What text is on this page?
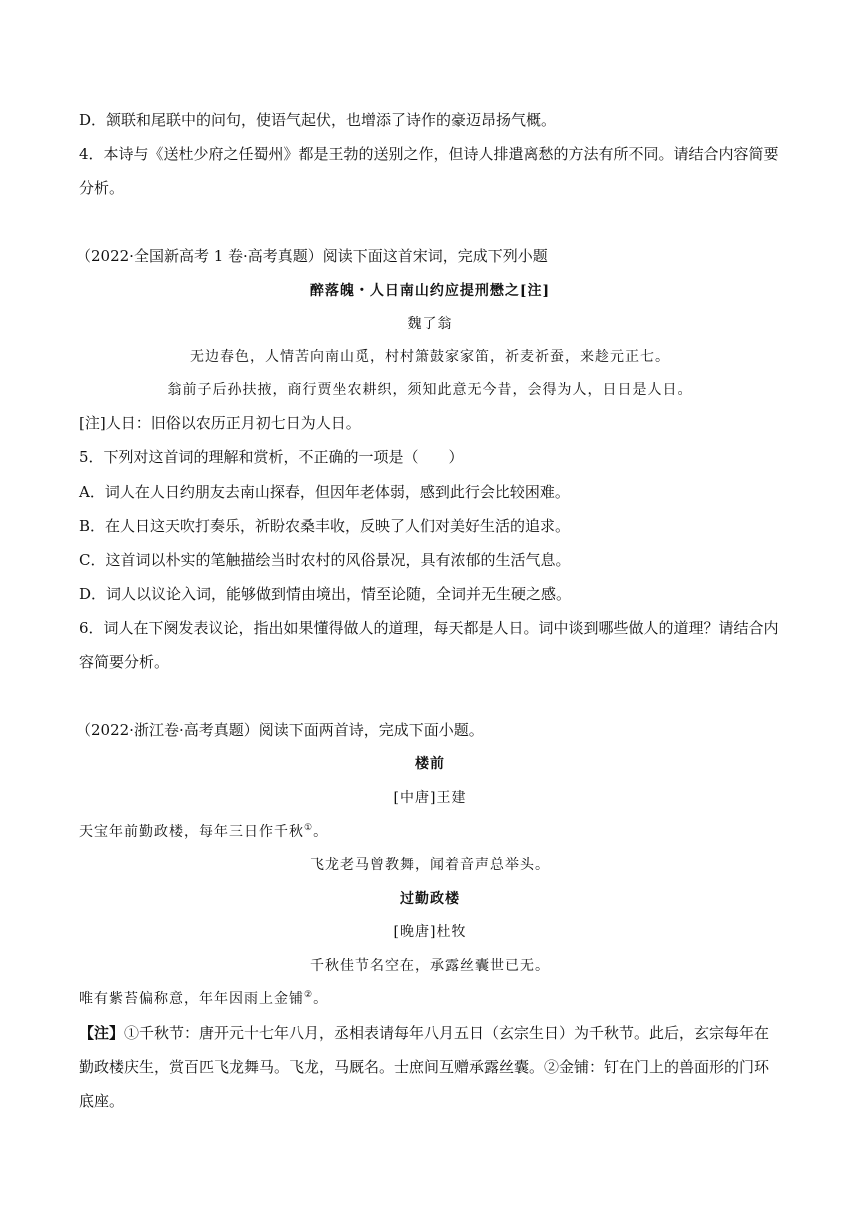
D．颔联和尾联中的问句，使语气起伏，也增添了诗作的豪迈昂扬气概。
4．本诗与《送杜少府之任蜀州》都是王勃的送别之作，但诗人排遣离愁的方法有所不同。请结合内容简要
分析。
（2022·全国新高考 1 卷·高考真题）阅读下面这首宋词，完成下列小题
醉落魄・人日南山约应提刑懋之[注]
魏了翁
无边春色，人情苦向南山觅，村村箫鼓家家笛，祈麦祈蚕，来趁元正七。
翁前子后孙扶掖，商行贾坐农耕织，须知此意无今昔，会得为人，日日是人日。
[注]人日：旧俗以农历正月初七日为人日。
5．下列对这首词的理解和赏析，不正确的一项是（　　）
A．词人在人日约朋友去南山探春，但因年老体弱，感到此行会比较困难。
B．在人日这天吹打奏乐，祈盼农桑丰收，反映了人们对美好生活的追求。
C．这首词以朴实的笔触描绘当时农村的风俗景况，具有浓郁的生活气息。
D．词人以议论入词，能够做到情由境出，情至论随，全词并无生硬之感。
6．词人在下阕发表议论，指出如果懂得做人的道理，每天都是人日。词中谈到哪些做人的道理？请结合内
容简要分析。
（2022·浙江卷·高考真题）阅读下面两首诗，完成下面小题。
楼前
[中唐]王建
天宝年前勤政楼，每年三日作千秋①。
飞龙老马曾教舞，闻着音声总举头。
过勤政楼
[晚唐]杜牧
千秋佳节名空在，承露丝囊世已无。
唯有紫苔偏称意，年年因雨上金铺②。
【注】①千秋节：唐开元十七年八月，丞相表请每年八月五日（玄宗生日）为千秋节。此后，玄宗每年在
勤政楼庆生，赏百匹飞龙舞马。飞龙，马厩名。士庶间互赠承露丝囊。②金铺：钉在门上的兽面形的门环
底座。
